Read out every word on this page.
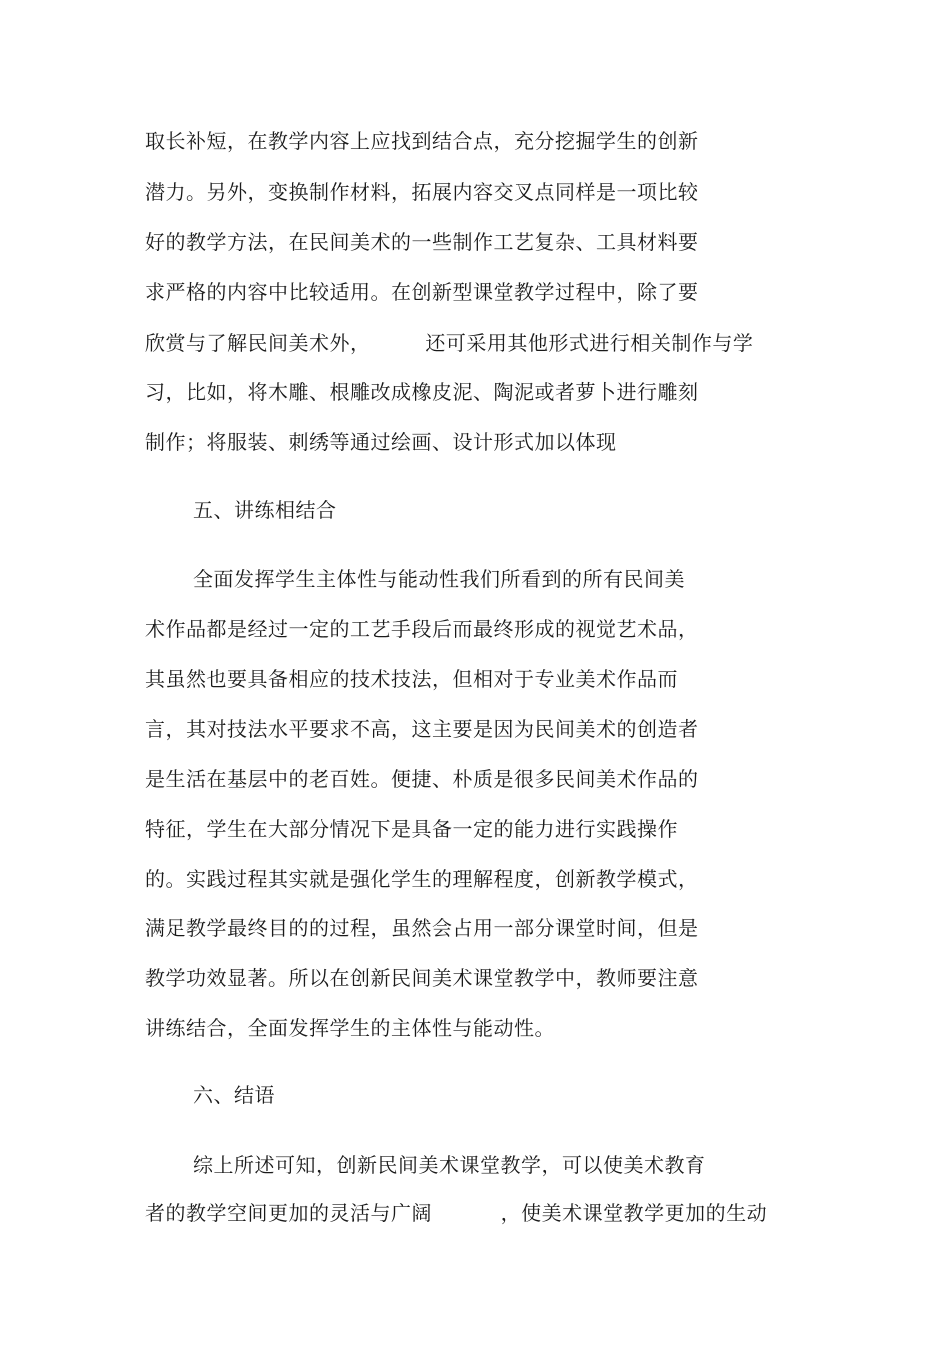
取长补短，在教学内容上应找到结合点，充分挖掘学生的创新
潜力。另外，变换制作材料，拓展内容交叉点同样是一项比较
好的教学方法，在民间美术的一些制作工艺复杂、工具材料要
求严格的内容中比较适用。在创新型课堂教学过程中，除了要
欣赏与了解民间美术外，        还可采用其他形式进行相关制作与学
习，比如，将木雕、根雕改成橡皮泥、陶泥或者萝卜进行雕刻
制作；将服装、刺绣等通过绘画、设计形式加以体现
五、讲练相结合
全面发挥学生主体性与能动性我们所看到的所有民间美
术作品都是经过一定的工艺手段后而最终形成的视觉艺术品，
其虽然也要具备相应的技术技法，但相对于专业美术作品而
言，其对技法水平要求不高，这主要是因为民间美术的创造者
是生活在基层中的老百姓。便捷、朴质是很多民间美术作品的
特征，学生在大部分情况下是具备一定的能力进行实践操作
的。实践过程其实就是强化学生的理解程度，创新教学模式，
满足教学最终目的的过程，虽然会占用一部分课堂时间，但是
教学功效显著。所以在创新民间美术课堂教学中，教师要注意
讲练结合，全面发挥学生的主体性与能动性。
六、结语
综上所述可知，创新民间美术课堂教学，可以使美术教育
者的教学空间更加的灵活与广阔          ，使美术课堂教学更加的生动
